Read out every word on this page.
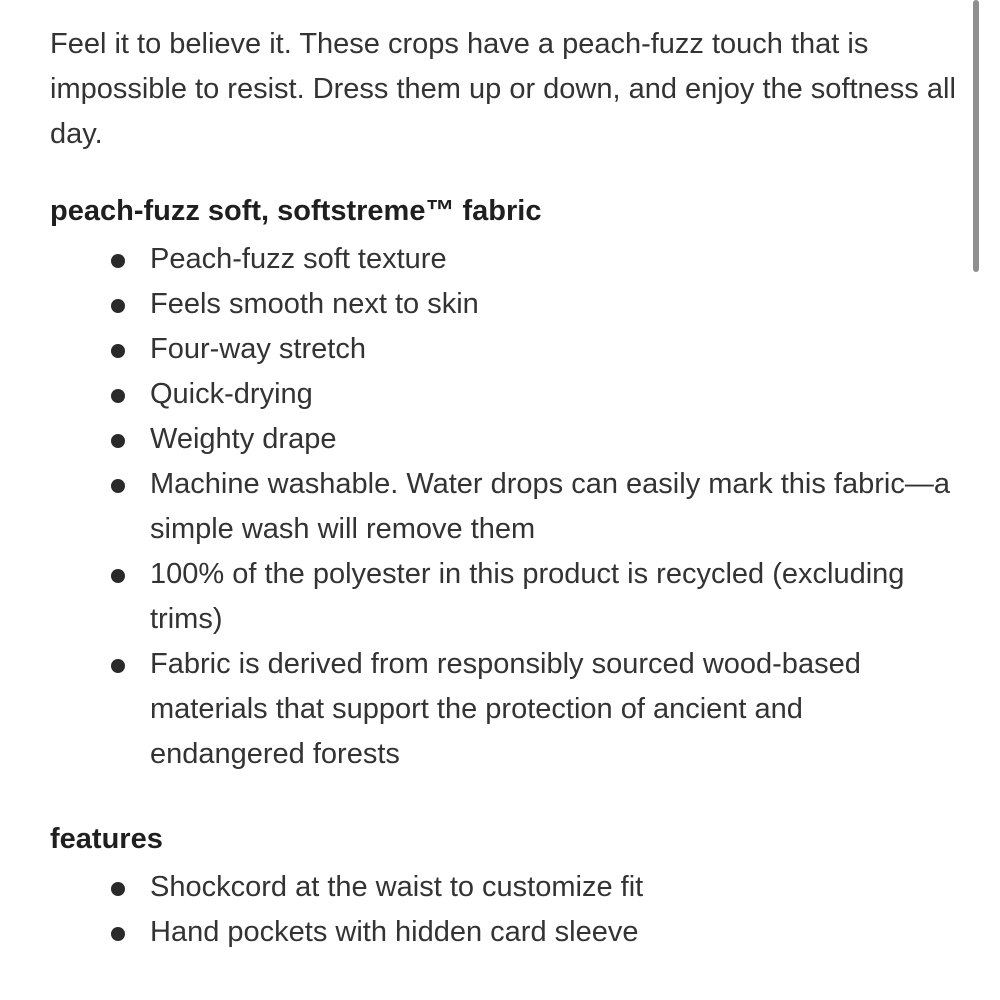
Feel it to believe it. These crops have a peach-fuzz touch that is impossible to resist. Dress them up or down, and enjoy the softness all day.

peach-fuzz soft, softstreme™ fabric
Peach-fuzz soft texture
Feels smooth next to skin
Four-way stretch
Quick-drying
Weighty drape
Machine washable. Water drops can easily mark this fabric—a simple wash will remove them
100% of the polyester in this product is recycled (excluding trims)
Fabric is derived from responsibly sourced wood-based materials that support the protection of ancient and endangered forests
features
Shockcord at the waist to customize fit
Hand pockets with hidden card sleeve
